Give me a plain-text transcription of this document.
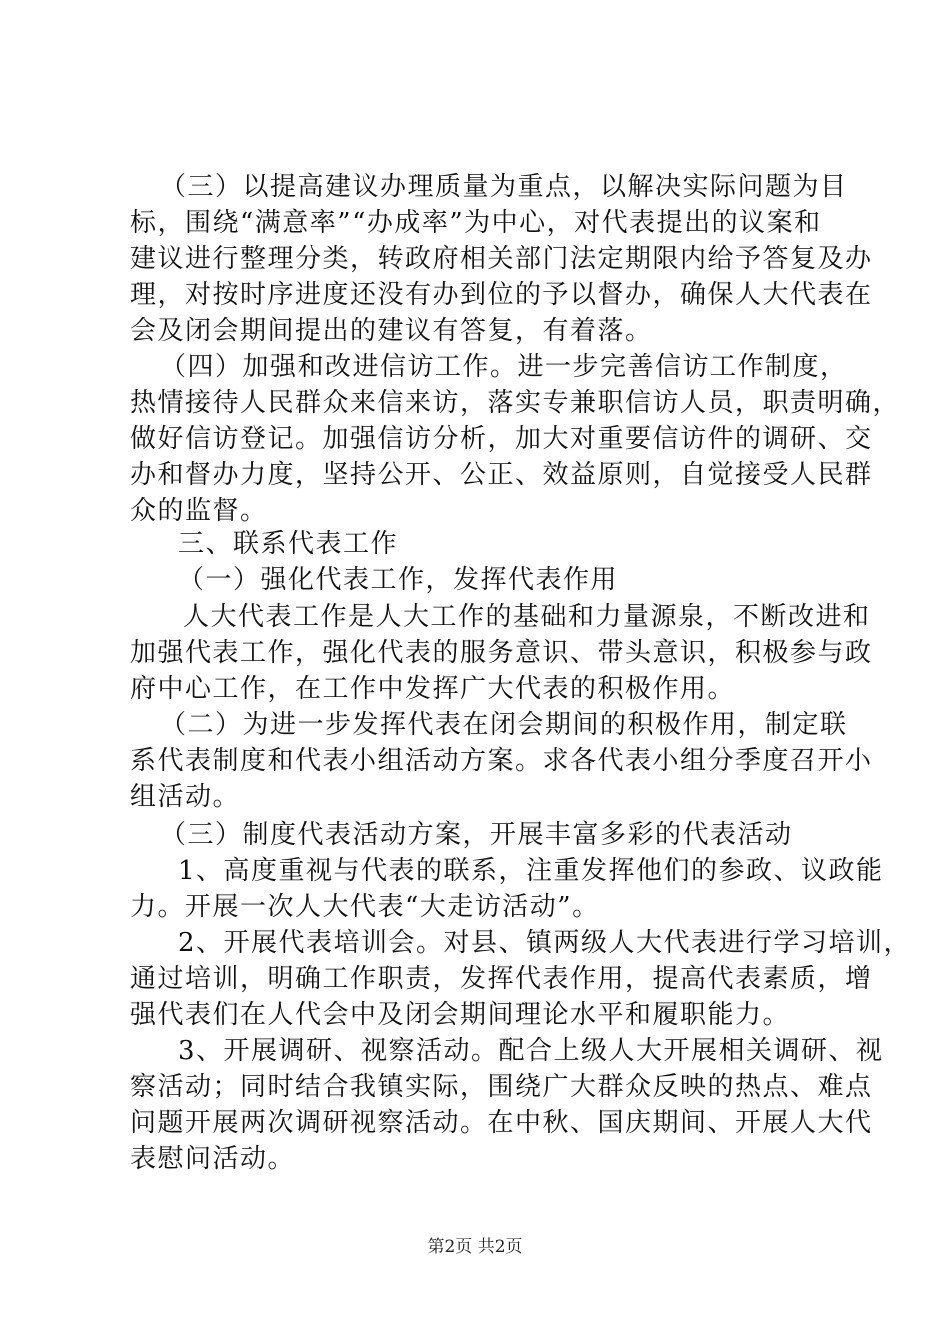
（三）以提高建议办理质量为重点，以解决实际问题为目
标，围绕“满意率”“办成率”为中心，对代表提出的议案和
建议进行整理分类，转政府相关部门法定期限内给予答复及办
理，对按时序进度还没有办到位的予以督办，确保人大代表在
会及闭会期间提出的建议有答复，有着落。
（四）加强和改进信访工作。进一步完善信访工作制度，
热情接待人民群众来信来访，落实专兼职信访人员，职责明确，
做好信访登记。加强信访分析，加大对重要信访件的调研、交
办和督办力度，坚持公开、公正、效益原则，自觉接受人民群
众的监督。
三、联系代表工作
（一）强化代表工作，发挥代表作用
人大代表工作是人大工作的基础和力量源泉，不断改进和
加强代表工作，强化代表的服务意识、带头意识，积极参与政
府中心工作，在工作中发挥广大代表的积极作用。
（二）为进一步发挥代表在闭会期间的积极作用，制定联
系代表制度和代表小组活动方案。求各代表小组分季度召开小
组活动。
（三）制度代表活动方案，开展丰富多彩的代表活动
1、高度重视与代表的联系，注重发挥他们的参政、议政能
力。开展一次人大代表“大走访活动”。
2、开展代表培训会。对县、镇两级人大代表进行学习培训，
通过培训，明确工作职责，发挥代表作用，提高代表素质，增
强代表们在人代会中及闭会期间理论水平和履职能力。
3、开展调研、视察活动。配合上级人大开展相关调研、视
察活动；同时结合我镇实际，围绕广大群众反映的热点、难点
问题开展两次调研视察活动。在中秋、国庆期间、开展人大代
表慰问活动。
第2页 共2页
